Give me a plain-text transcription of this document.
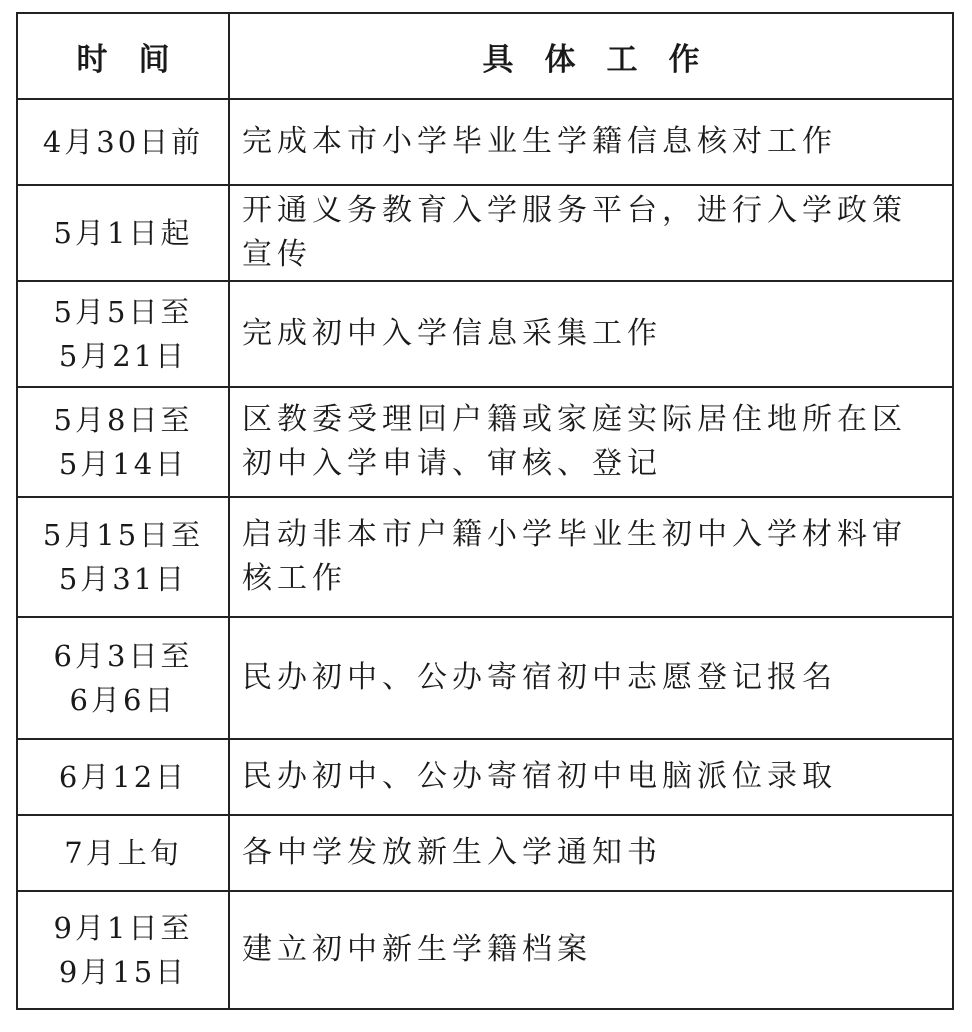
时　间	具　体　工　作

4月30日前	完成本市小学毕业生学籍信息核对工作

5月1日起	开通义务教育入学服务平台，进行入学政策宣传

5月5日至
5月21日	完成初中入学信息采集工作

5月8日至
5月14日	区教委受理回户籍或家庭实际居住地所在区初中入学申请、审核、登记

5月15日至
5月31日	启动非本市户籍小学毕业生初中入学材料审核工作

6月3日至
6月6日	民办初中、公办寄宿初中志愿登记报名

6月12日	民办初中、公办寄宿初中电脑派位录取

7月上旬	各中学发放新生入学通知书

9月1日至
9月15日	建立初中新生学籍档案
